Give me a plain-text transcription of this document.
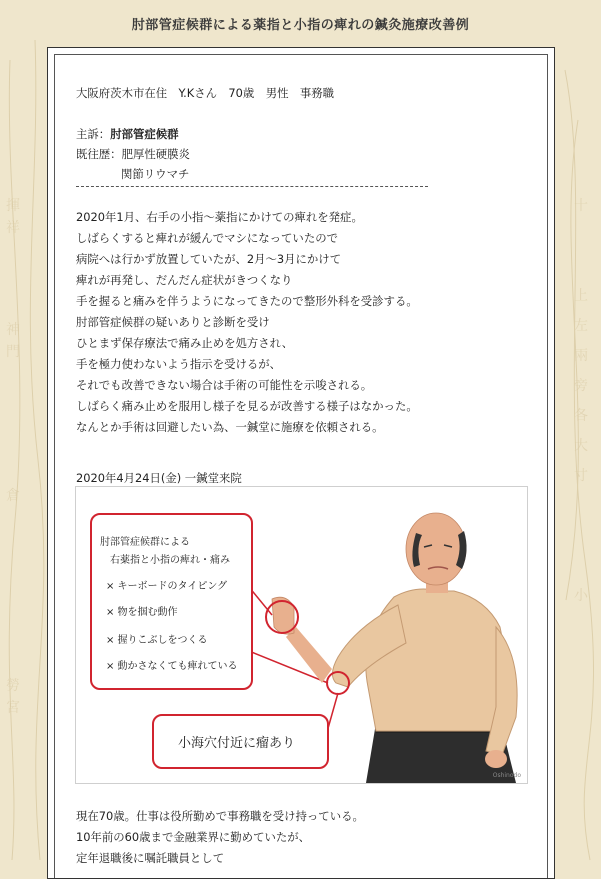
揮
祥
神
門
倉
勞
宮
十
上
左
兩
旁
各
大
寸
小
肘部管症候群による薬指と小指の痺れの鍼灸施療改善例
大阪府茨木市在住　Y.Kさん　70歳　男性　事務職
主訴：肘部管症候群
既往歴：肥厚性硬膜炎
関節リウマチ
2020年1月、右手の小指〜薬指にかけての痺れを発症。
しばらくすると痺れが緩んでマシになっていたので
病院へは行かず放置していたが、2月〜3月にかけて
痺れが再発し、だんだん症状がきつくなり
手を握ると痛みを伴うようになってきたので整形外科を受診する。
肘部管症候群の疑いありと診断を受け
ひとまず保存療法で痛み止めを処方され、
手を極力使わないよう指示を受けるが、
それでも改善できない場合は手術の可能性を示唆される。
しばらく痛み止めを服用し様子を見るが改善する様子はなかった。
なんとか手術は回避したい為、一鍼堂に施療を依頼される。
2020年4月24日(金) 一鍼堂来院
肘部管症候群による
右薬指と小指の痺れ・痛み
× キーボードのタイピング
× 物を掴む動作
× 握りこぶしをつくる
× 動かさなくても痺れている
小海穴付近に瘤あり
Oshinodo
現在70歳。仕事は役所勤めで事務職を受け持っている。
10年前の60歳まで金融業界に勤めていたが、
定年退職後に嘱託職員として
